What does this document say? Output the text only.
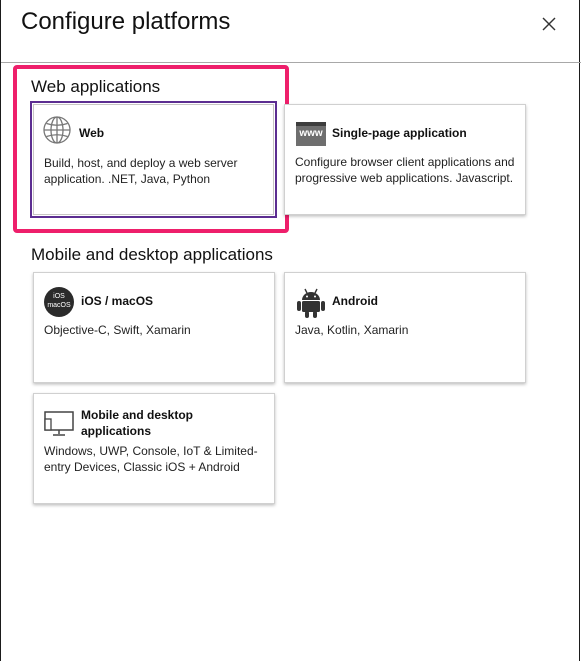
Configure platforms
Web applications
Web
Build, host, and deploy a web server application. .NET, Java, Python
www Single-page application
Configure browser client applications and progressive web applications. Javascript.
Mobile and desktop applications
iOS
macOS iOS / macOS
Objective-C, Swift, Xamarin
Android
Java, Kotlin, Xamarin
Mobile and desktop applications
Windows, UWP, Console, IoT & Limited-entry Devices, Classic iOS + Android
